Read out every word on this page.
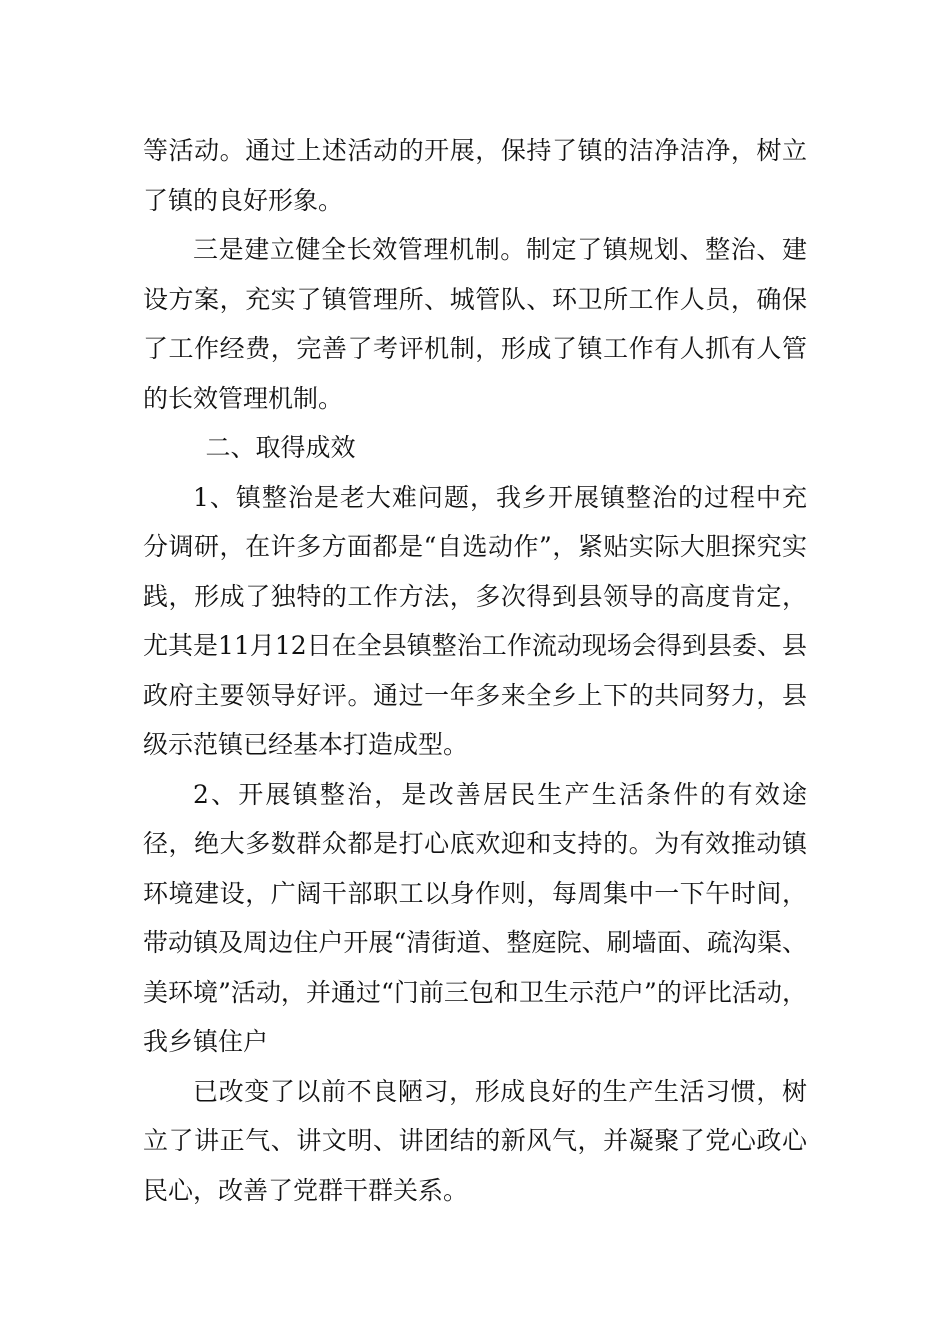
等活动。通过上述活动的开展，保持了镇的洁净洁净，树立了镇的良好形象。

三是建立健全长效管理机制。制定了镇规划、整治、建设方案，充实了镇管理所、城管队、环卫所工作人员，确保了工作经费，完善了考评机制，形成了镇工作有人抓有人管的长效管理机制。

二、取得成效

1、镇整治是老大难问题，我乡开展镇整治的过程中充分调研，在许多方面都是“自选动作”，紧贴实际大胆探究实践，形成了独特的工作方法，多次得到县领导的高度肯定，尤其是11月12日在全县镇整治工作流动现场会得到县委、县政府主要领导好评。通过一年多来全乡上下的共同努力，县级示范镇已经基本打造成型。

2、开展镇整治，是改善居民生产生活条件的有效途径，绝大多数群众都是打心底欢迎和支持的。为有效推动镇环境建设，广阔干部职工以身作则，每周集中一下午时间，带动镇及周边住户开展“清街道、整庭院、刷墙面、疏沟渠、美环境”活动，并通过“门前三包和卫生示范户”的评比活动，我乡镇住户

已改变了以前不良陋习，形成良好的生产生活习惯，树立了讲正气、讲文明、讲团结的新风气，并凝聚了党心政心民心，改善了党群干群关系。
